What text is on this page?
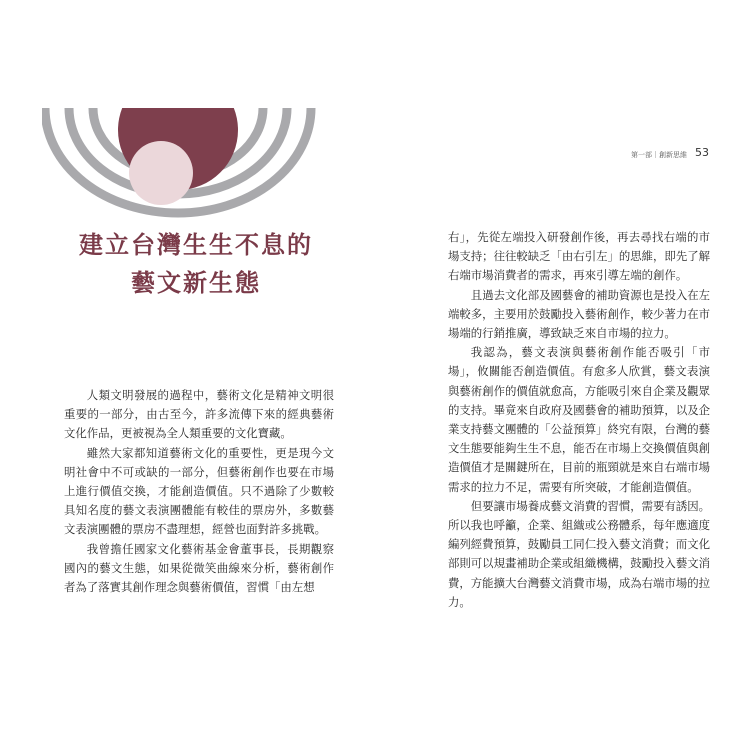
建立台灣生生不息的
藝文新生態

人類文明發展的過程中，藝術文化是精神文明很重要的一部分，由古至今，許多流傳下來的經典藝術文化作品，更被視為全人類重要的文化寶藏。

雖然大家都知道藝術文化的重要性，更是現今文明社會中不可或缺的一部分，但藝術創作也要在市場上進行價值交換，才能創造價值。只不過除了少數較具知名度的藝文表演團體能有較佳的票房外，多數藝文表演團體的票房不盡理想，經營也面對許多挑戰。

我曾擔任國家文化藝術基金會董事長，長期觀察國內的藝文生態，如果從微笑曲線來分析，藝術創作者為了落實其創作理念與藝術價值，習慣「由左想

第一部｜創新思維 53

右」，先從左端投入研發創作後，再去尋找右端的市場支持；往往較缺乏「由右引左」的思維，即先了解右端市場消費者的需求，再來引導左端的創作。

且過去文化部及國藝會的補助資源也是投入在左端較多，主要用於鼓勵投入藝術創作，較少著力在市場端的行銷推廣，導致缺乏來自市場的拉力。

我認為，藝文表演與藝術創作能否吸引「市場」，攸關能否創造價值。有愈多人欣賞，藝文表演與藝術創作的價值就愈高，方能吸引來自企業及觀眾的支持。畢竟來自政府及國藝會的補助預算，以及企業支持藝文團體的「公益預算」終究有限，台灣的藝文生態要能夠生生不息，能否在市場上交換價值與創造價值才是關鍵所在，目前的瓶頸就是來自右端市場需求的拉力不足，需要有所突破，才能創造價值。

但要讓市場養成藝文消費的習慣，需要有誘因。所以我也呼籲，企業、組織或公務體系，每年應適度編列經費預算，鼓勵員工同仁投入藝文消費；而文化部則可以規畫補助企業或組織機構，鼓勵投入藝文消費，方能擴大台灣藝文消費市場，成為右端市場的拉力。
